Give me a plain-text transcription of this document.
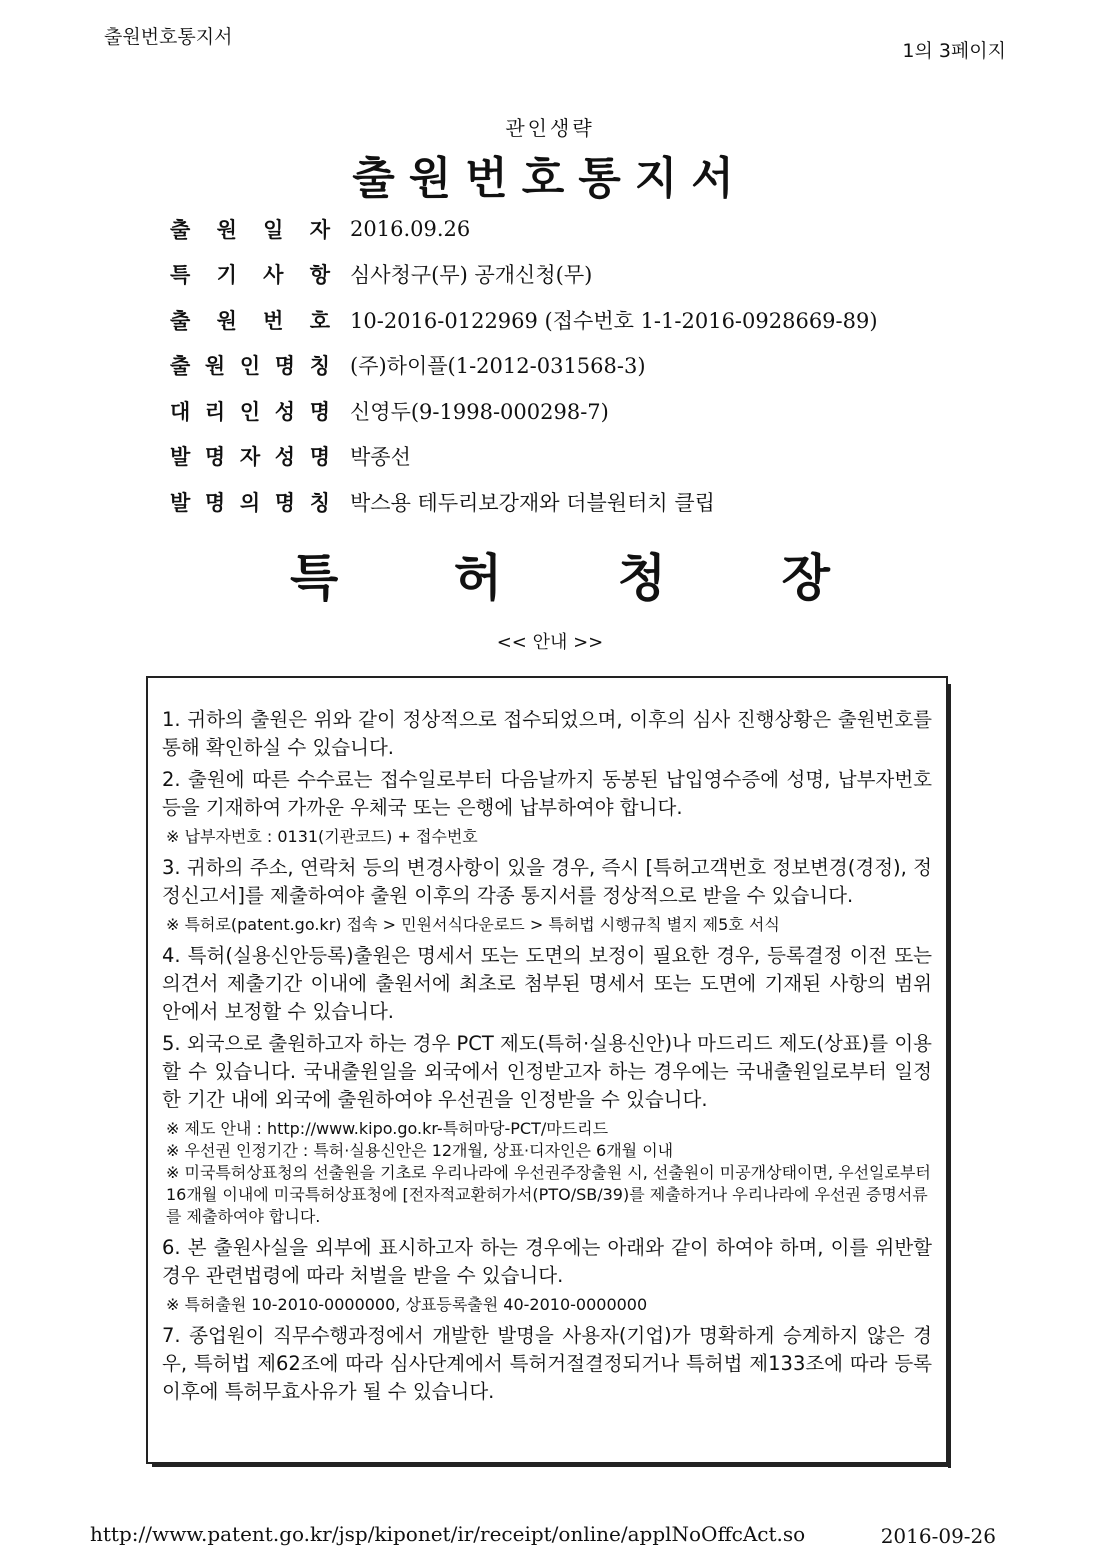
출원번호통지서
1의 3페이지
관인생략
출원번호통지서
출 원 일 자 2016.09.26
특 기 사 항 심사청구(무) 공개신청(무)
출 원 번 호 10-2016-0122969 (접수번호 1-1-2016-0928669-89)
출 원 인 명 칭 (주)하이플(1-2012-031568-3)
대 리 인 성 명 신영두(9-1998-000298-7)
발 명 자 성 명 박종선
발 명 의 명 칭 박스용 테두리보강재와 더블원터치 클립
특 허 청 장
<< 안내 >>
1. 귀하의 출원은 위와 같이 정상적으로 접수되었으며, 이후의 심사 진행상황은 출원번호를 통해 확인하실 수 있습니다.
2. 출원에 따른 수수료는 접수일로부터 다음날까지 동봉된 납입영수증에 성명, 납부자번호 등을 기재하여 가까운 우체국 또는 은행에 납부하여야 합니다.
※ 납부자번호 : 0131(기관코드) + 접수번호
3. 귀하의 주소, 연락처 등의 변경사항이 있을 경우, 즉시 [특허고객번호 정보변경(경정), 정정신고서]를 제출하여야 출원 이후의 각종 통지서를 정상적으로 받을 수 있습니다.
※ 특허로(patent.go.kr) 접속 > 민원서식다운로드 > 특허법 시행규칙 별지 제5호 서식
4. 특허(실용신안등록)출원은 명세서 또는 도면의 보정이 필요한 경우, 등록결정 이전 또는 의견서 제출기간 이내에 출원서에 최초로 첨부된 명세서 또는 도면에 기재된 사항의 범위 안에서 보정할 수 있습니다.
5. 외국으로 출원하고자 하는 경우 PCT 제도(특허·실용신안)나 마드리드 제도(상표)를 이용할 수 있습니다. 국내출원일을 외국에서 인정받고자 하는 경우에는 국내출원일로부터 일정한 기간 내에 외국에 출원하여야 우선권을 인정받을 수 있습니다.
※ 제도 안내 : http://www.kipo.go.kr-특허마당-PCT/마드리드
※ 우선권 인정기간 : 특허·실용신안은 12개월, 상표·디자인은 6개월 이내
※ 미국특허상표청의 선출원을 기초로 우리나라에 우선권주장출원 시, 선출원이 미공개상태이면, 우선일로부터 16개월 이내에 미국특허상표청에 [전자적교환허가서(PTO/SB/39)를 제출하거나 우리나라에 우선권 증명서류를 제출하여야 합니다.
6. 본 출원사실을 외부에 표시하고자 하는 경우에는 아래와 같이 하여야 하며, 이를 위반할 경우 관련법령에 따라 처벌을 받을 수 있습니다.
※ 특허출원 10-2010-0000000, 상표등록출원 40-2010-0000000
7. 종업원이 직무수행과정에서 개발한 발명을 사용자(기업)가 명확하게 승계하지 않은 경우, 특허법 제62조에 따라 심사단계에서 특허거절결정되거나 특허법 제133조에 따라 등록이후에 특허무효사유가 될 수 있습니다.
http://www.patent.go.kr/jsp/kiponet/ir/receipt/online/applNoOffcAct.so	2016-09-26
